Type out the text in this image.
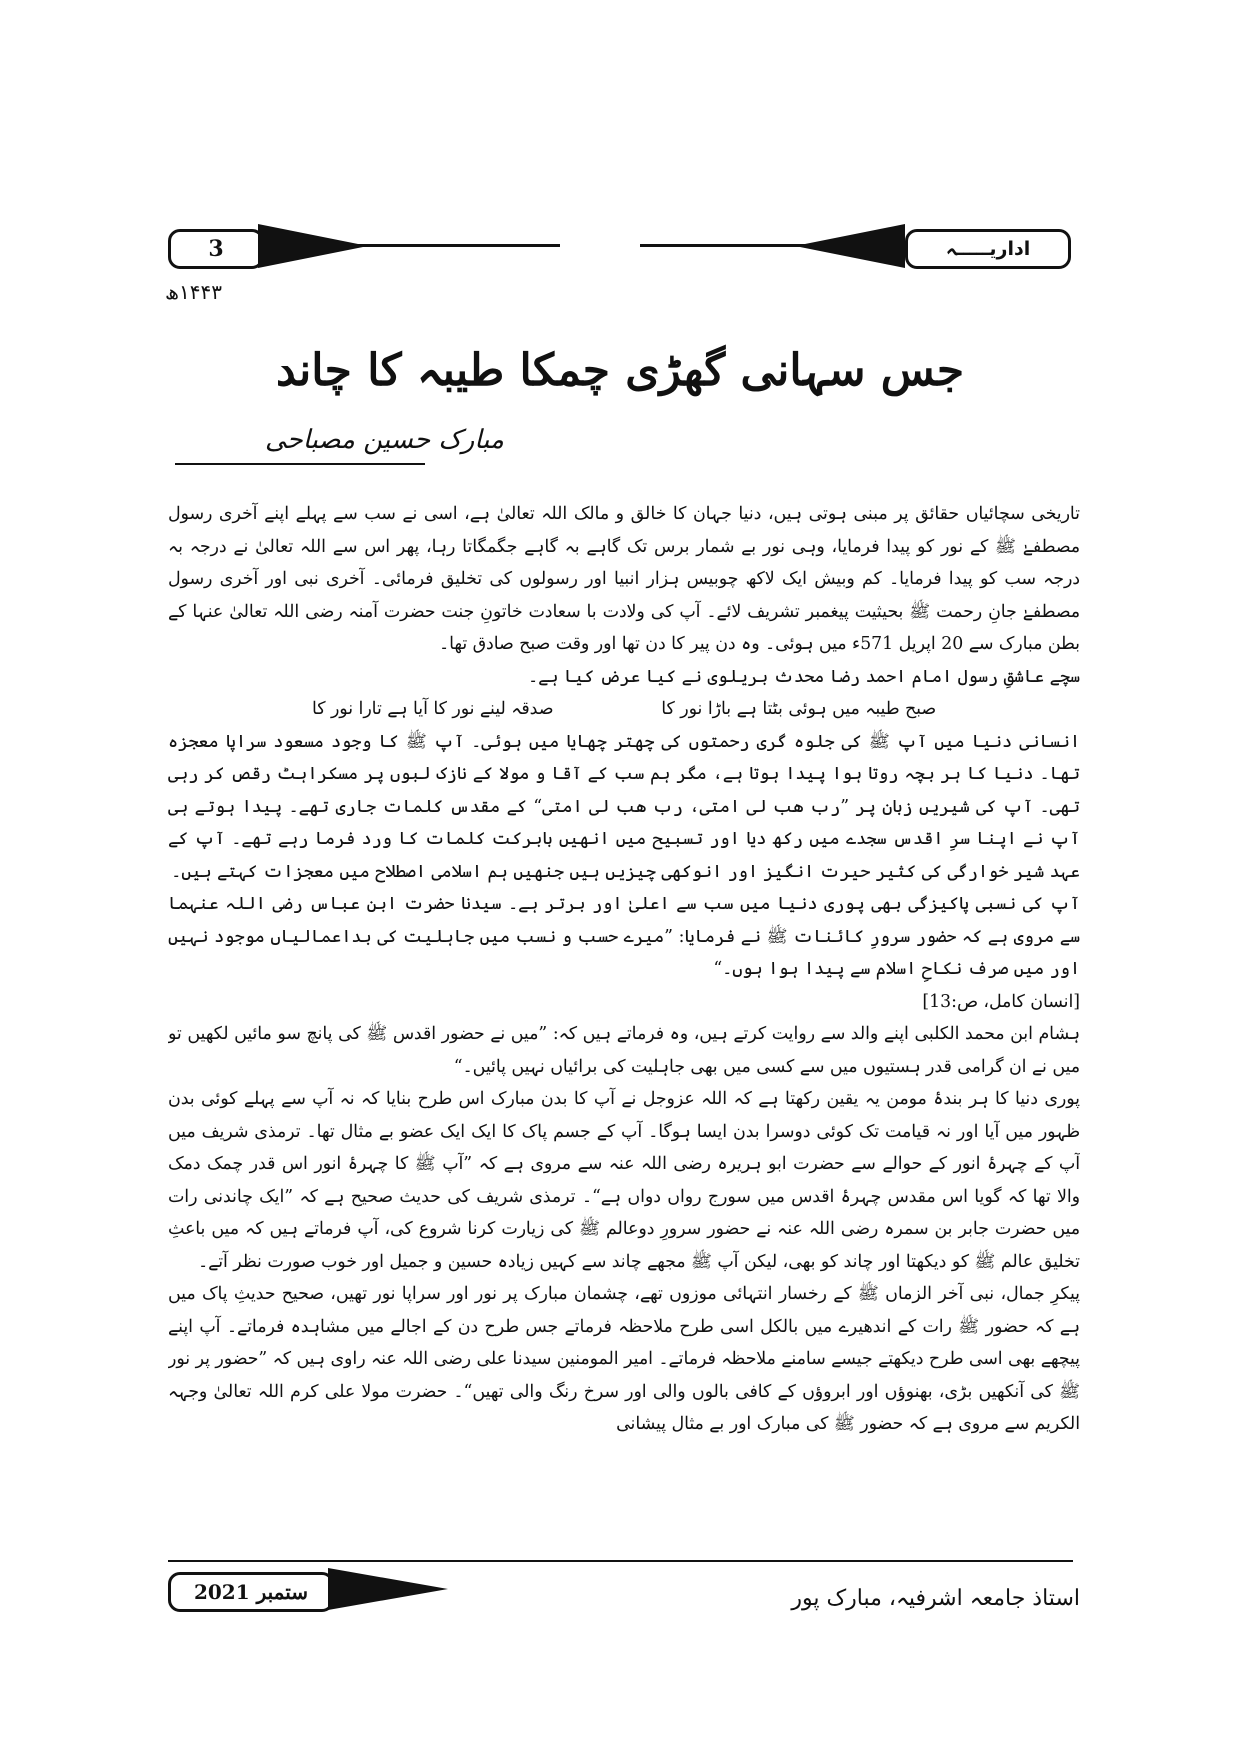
3	اداریـــــہ
۱۴۴۳ھ
جس سہانی گھڑی چمکا طیبہ کا چاند
مبارک حسین مصباحی

تاریخی سچائیاں حقائق پر مبنی ہوتی ہیں، دنیا جہان کا خالق و مالک اللہ تعالیٰ ہے، اسی نے سب سے پہلے اپنے آخری رسول مصطفےٰ ﷺ کے نور کو پیدا فرمایا، وہی نور بے شمار برس تک گاہے بہ گاہے جگمگاتا رہا، پھر اس سے اللہ تعالیٰ نے درجہ بہ درجہ سب کو پیدا فرمایا۔ کم وبیش ایک لاکھ چوبیس ہزار انبیا اور رسولوں کی تخلیق فرمائی۔ آخری نبی اور آخری رسول مصطفےٰ جانِ رحمت ﷺ بحیثیت پیغمبر تشریف لائے۔ آپ کی ولادت با سعادت خاتونِ جنت حضرت آمنہ رضی اللہ تعالیٰ عنہا کے بطن مبارک سے 20 اپریل 571ء میں ہوئی۔ وہ دن پیر کا دن تھا اور وقت صبح صادق تھا۔

سچے عاشقِ رسول امام احمد رضا محدث بریلوی نے کیا عرض کیا ہے۔

صبح طیبہ میں ہوئی بٹتا ہے باڑا نور کا
صدقہ لینے نور کا آیا ہے تارا نور کا

انسانی دنیا میں آپ ﷺ کی جلوہ گری رحمتوں کی چھتر چھایا میں ہوئی۔ آپ ﷺ کا وجود مسعود سراپا معجزہ تھا۔ دنیا کا ہر بچہ روتا ہوا پیدا ہوتا ہے، مگر ہم سب کے آقا و مولا کے نازک لبوں پر مسکراہٹ رقص کر رہی تھی۔ آپ کی شیریں زبان پر ”رب ھب لی امتی، رب ھب لی امتی“ کے مقدس کلمات جاری تھے۔ پیدا ہوتے ہی آپ نے اپنا سرِ اقدس سجدے میں رکھ دیا اور تسبیح میں انھیں بابرکت کلمات کا ورد فرما رہے تھے۔ آپ کے عہد شیر خوارگی کی کثیر حیرت انگیز اور انوکھی چیزیں ہیں جنھیں ہم اسلامی اصطلاح میں معجزات کہتے ہیں۔

آپ کی نسبی پاکیزگی بھی پوری دنیا میں سب سے اعلیٰ اور برتر ہے۔ سیدنا حضرت ابن عباس رضی اللہ عنہما سے مروی ہے کہ حضور سرورِ کائنات ﷺ نے فرمایا: ”میرے حسب و نسب میں جاہلیت کی بداعمالیاں موجود نہیں اور میں صرف نکاحِ اسلام سے پیدا ہوا ہوں۔“

[انسان کامل، ص:13]

ہشام ابن محمد الکلبی اپنے والد سے روایت کرتے ہیں، وہ فرماتے ہیں کہ: ”میں نے حضور اقدس ﷺ کی پانچ سو مائیں لکھیں تو میں نے ان گرامی قدر ہستیوں میں سے کسی میں بھی جاہلیت کی برائیاں نہیں پائیں۔“

پوری دنیا کا ہر بندۂ مومن یہ یقین رکھتا ہے کہ اللہ عزوجل نے آپ کا بدن مبارک اس طرح بنایا کہ نہ آپ سے پہلے کوئی بدن ظہور میں آیا اور نہ قیامت تک کوئی دوسرا بدن ایسا ہوگا۔ آپ کے جسم پاک کا ایک ایک عضو بے مثال تھا۔ ترمذی شریف میں آپ کے چہرۂ انور کے حوالے سے حضرت ابو ہریرہ رضی اللہ عنہ سے مروی ہے کہ ”آپ ﷺ کا چہرۂ انور اس قدر چمک دمک والا تھا کہ گویا اس مقدس چہرۂ اقدس میں سورج رواں دواں ہے“۔ ترمذی شریف کی حدیث صحیح ہے کہ ”ایک چاندنی رات میں حضرت جابر بن سمرہ رضی اللہ عنہ نے حضور سرورِ دوعالم ﷺ کی زیارت کرنا شروع کی، آپ فرماتے ہیں کہ میں باعثِ تخلیق عالم ﷺ کو دیکھتا اور چاند کو بھی، لیکن آپ ﷺ مجھے چاند سے کہیں زیادہ حسین و جمیل اور خوب صورت نظر آتے۔

پیکرِ جمال، نبی آخر الزماں ﷺ کے رخسار انتہائی موزوں تھے، چشمان مبارک پر نور اور سراپا نور تھیں، صحیح حدیثِ پاک میں ہے کہ حضور ﷺ رات کے اندھیرے میں بالکل اسی طرح ملاحظہ فرماتے جس طرح دن کے اجالے میں مشاہدہ فرماتے۔ آپ اپنے پیچھے بھی اسی طرح دیکھتے جیسے سامنے ملاحظہ فرماتے۔ امیر المومنین سیدنا علی رضی اللہ عنہ راوی ہیں کہ ”حضور پر نور ﷺ کی آنکھیں بڑی، بھنوؤں اور ابروؤں کے کافی بالوں والی اور سرخ رنگ والی تھیں“۔ حضرت مولا علی کرم اللہ تعالیٰ وجہہ الکریم سے مروی ہے کہ حضور ﷺ کی مبارک اور بے مثال پیشانی

ستمبر 2021	استاذ جامعہ اشرفیہ، مبارک پور
